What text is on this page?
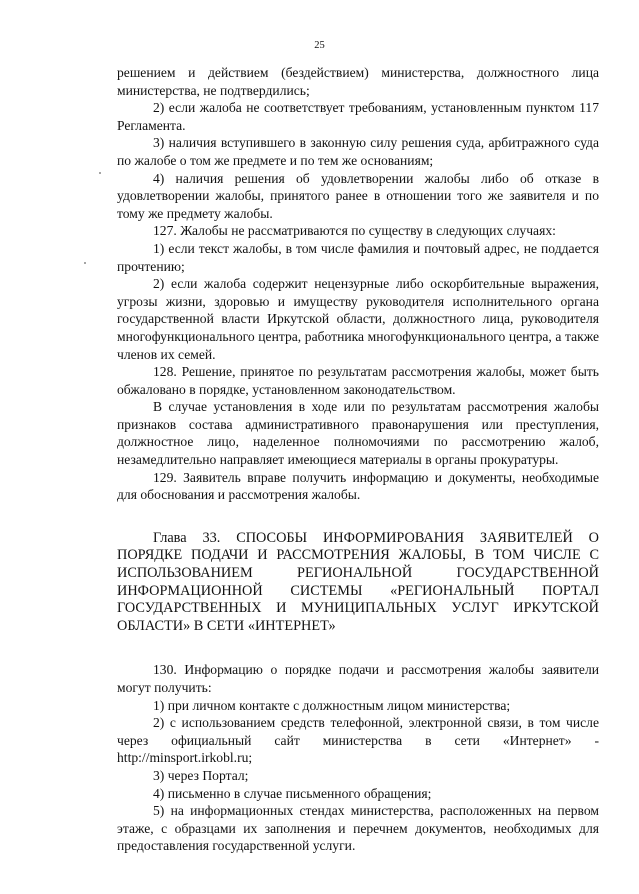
25

решением и действием (бездействием) министерства, должностного лица министерства, не подтвердились;

2) если жалоба не соответствует требованиям, установленным пунктом 117 Регламента.

3) наличия вступившего в законную силу решения суда, арбитражного суда по жалобе о том же предмете и по тем же основаниям;

4) наличия решения об удовлетворении жалобы либо об отказе в удовлетворении жалобы, принятого ранее в отношении того же заявителя и по тому же предмету жалобы.

127. Жалобы не рассматриваются по существу в следующих случаях:

1) если текст жалобы, в том числе фамилия и почтовый адрес, не поддается прочтению;

2) если жалоба содержит нецензурные либо оскорбительные выражения, угрозы жизни, здоровью и имуществу руководителя исполнительного органа государственной власти Иркутской области, должностного лица, руководителя многофункционального центра, работника многофункционального центра, а также членов их семей.

128. Решение, принятое по результатам рассмотрения жалобы, может быть обжаловано в порядке, установленном законодательством.

В случае установления в ходе или по результатам рассмотрения жалобы признаков состава административного правонарушения или преступления, должностное лицо, наделенное полномочиями по рассмотрению жалоб, незамедлительно направляет имеющиеся материалы в органы прокуратуры.

129. Заявитель вправе получить информацию и документы, необходимые для обоснования и рассмотрения жалобы.

Глава 33. СПОСОБЫ ИНФОРМИРОВАНИЯ ЗАЯВИТЕЛЕЙ О ПОРЯДКЕ ПОДАЧИ И РАССМОТРЕНИЯ ЖАЛОБЫ, В ТОМ ЧИСЛЕ С ИСПОЛЬЗОВАНИЕМ РЕГИОНАЛЬНОЙ ГОСУДАРСТВЕННОЙ ИНФОРМАЦИОННОЙ СИСТЕМЫ «РЕГИОНАЛЬНЫЙ ПОРТАЛ ГОСУДАРСТВЕННЫХ И МУНИЦИПАЛЬНЫХ УСЛУГ ИРКУТСКОЙ ОБЛАСТИ» В СЕТИ «ИНТЕРНЕТ»

130. Информацию о порядке подачи и рассмотрения жалобы заявители могут получить:

1) при личном контакте с должностным лицом министерства;

2) с использованием средств телефонной, электронной связи, в том числе через официальный сайт министерства в сети «Интернет» - http://minsport.irkobl.ru;

3) через Портал;

4) письменно в случае письменного обращения;

5) на информационных стендах министерства, расположенных на первом этаже, с образцами их заполнения и перечнем документов, необходимых для предоставления государственной услуги.
